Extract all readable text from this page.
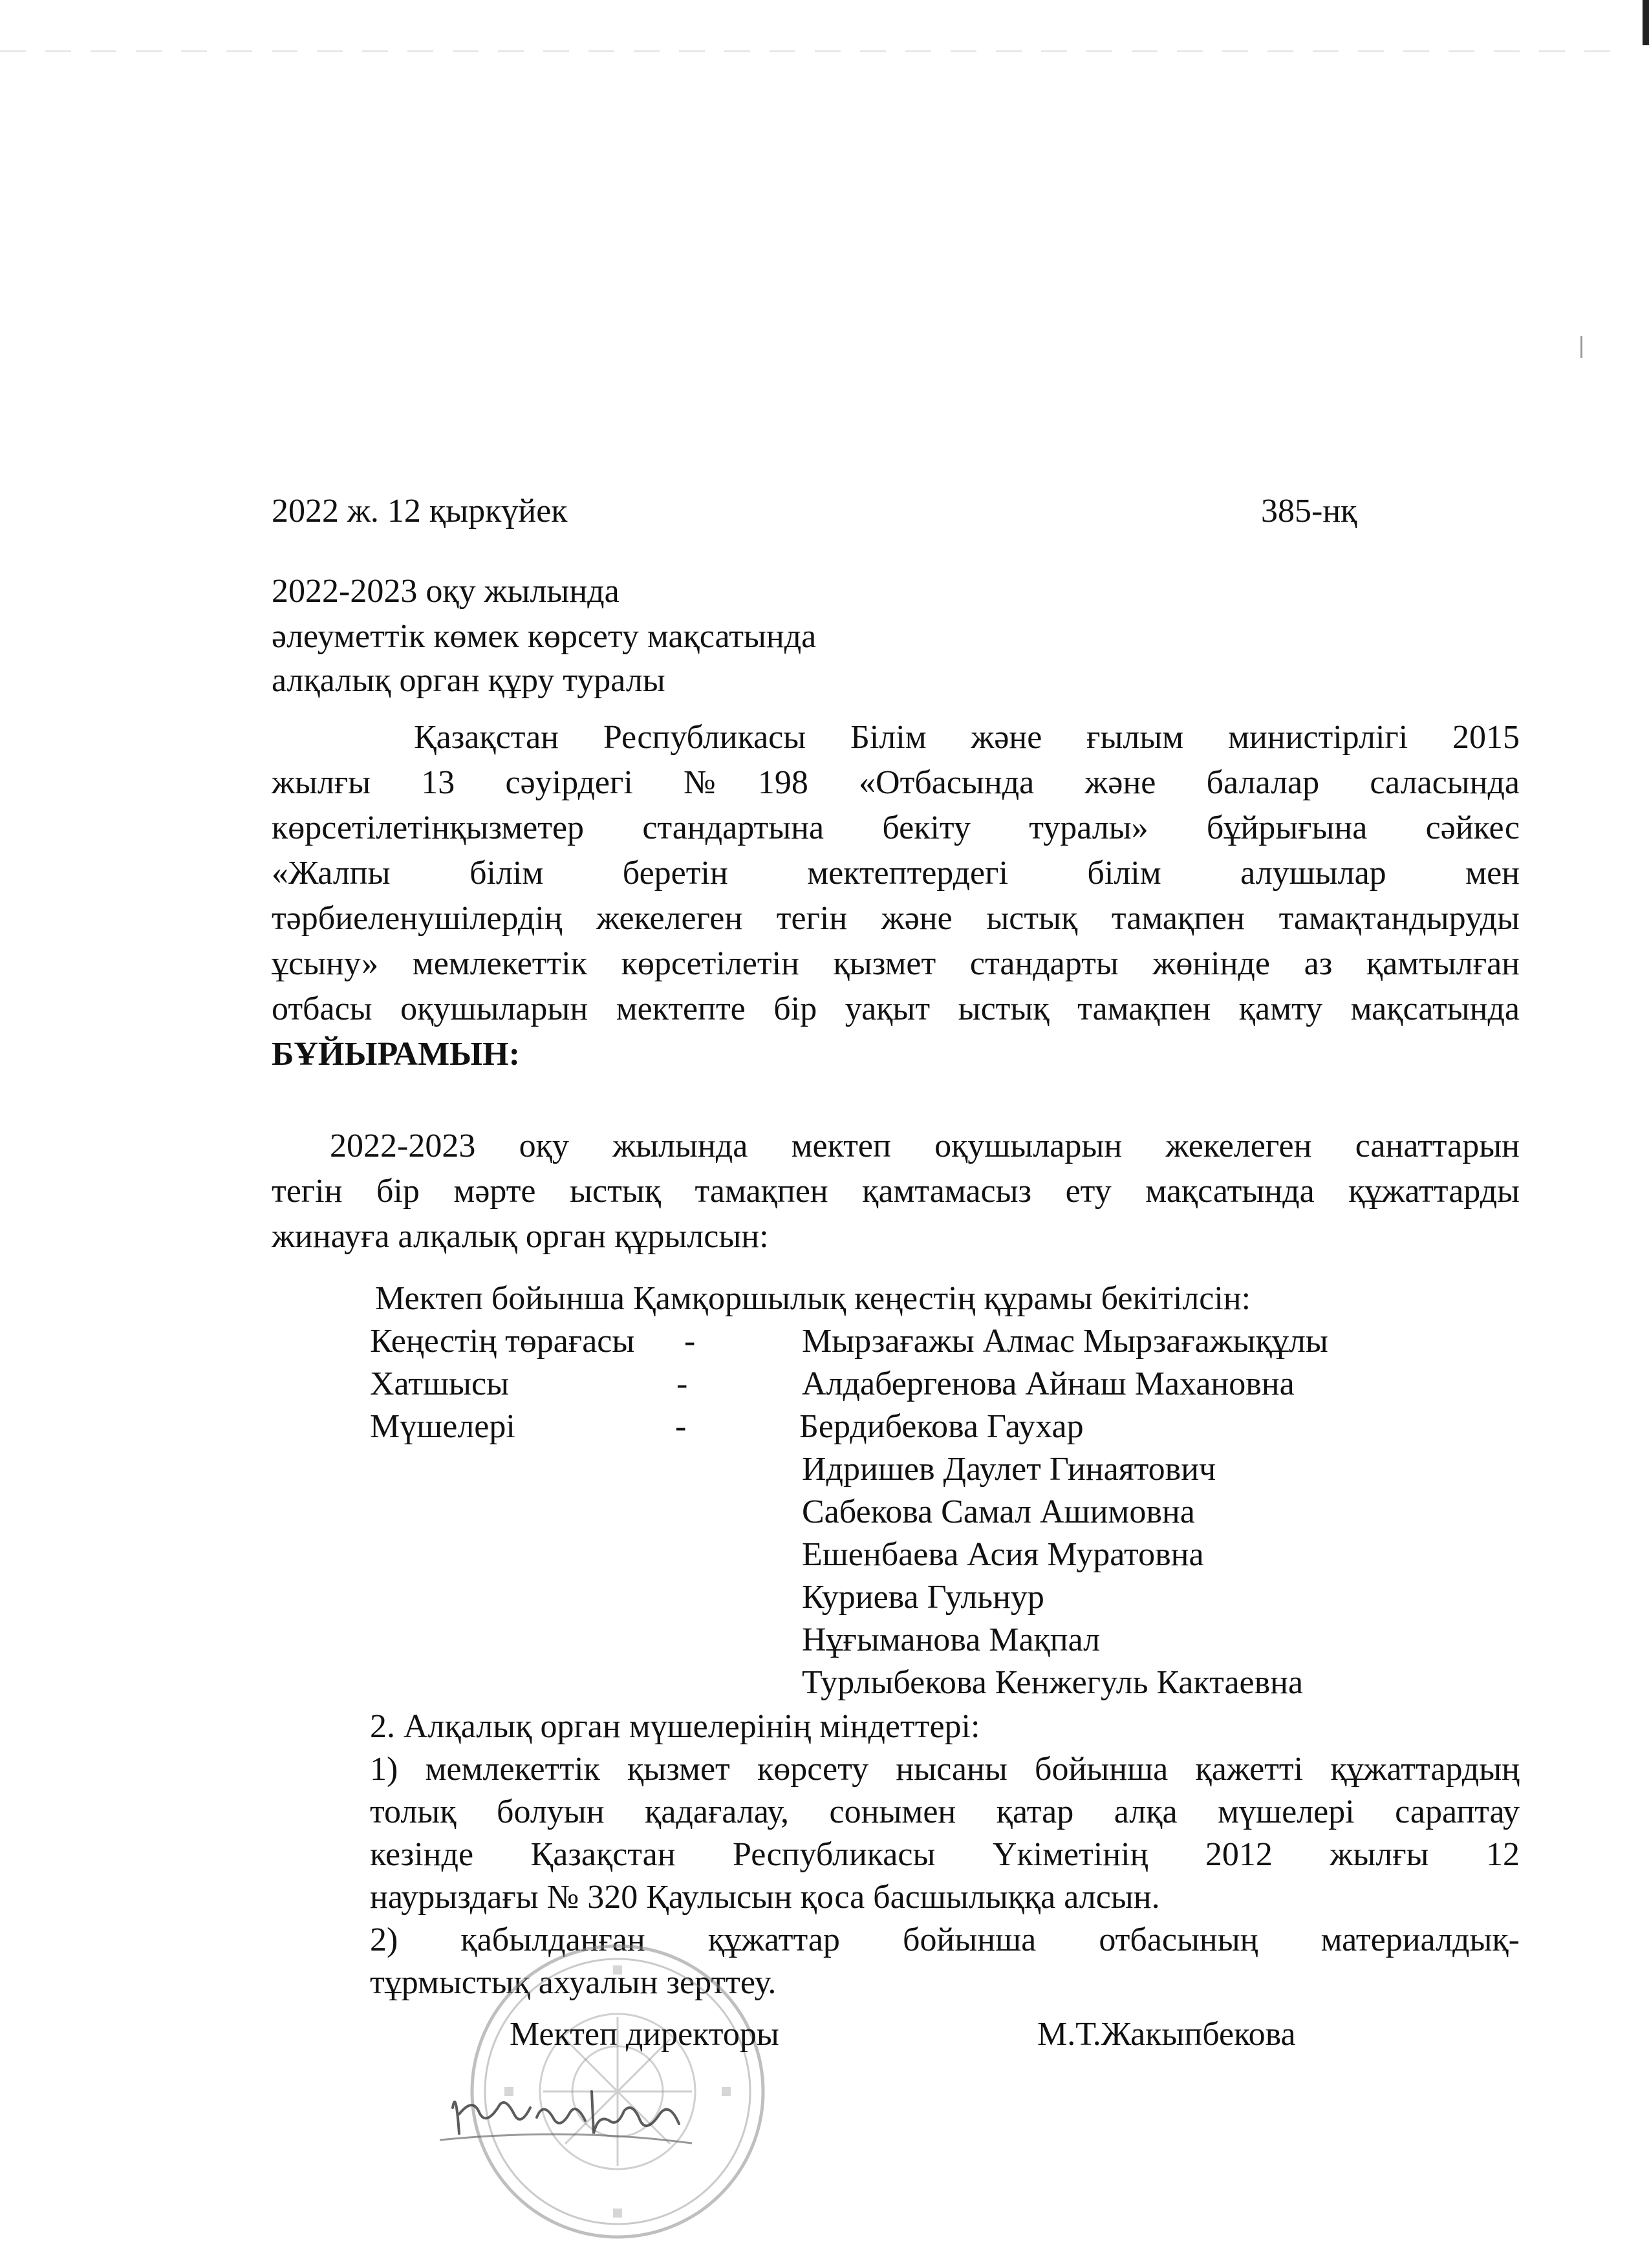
2022 ж. 12 қыркүйек	385-нқ
2022-2023 оқу жылында
әлеуметтік көмек көрсету мақсатында
алқалық орган құру туралы
Қазақстан Республикасы Білім және ғылым министірлігі 2015
жылғы 13 сәуірдегі №198 «Отбасында және балалар саласында
көрсетілетінқызметер стандартына бекіту туралы» бұйрығына сәйкес
«Жалпы білім беретін мектептердегі білім алушылар мен
тәрбиеленушілердің жекелеген тегін және ыстық тамақпен тамақтандыруды
ұсыну» мемлекеттік көрсетілетін қызмет стандарты жөнінде аз қамтылған
отбасы оқушыларын мектепте бір уақыт ыстық тамақпен қамту мақсатында
БҰЙЫРАМЫН:
2022-2023 оқу жылында мектеп оқушыларын жекелеген санаттарын
тегін бір мәрте ыстық тамақпен қамтамасыз ету мақсатында құжаттарды
жинауға алқалық орган құрылсын:
Мектеп бойынша Қамқоршылық кеңестің құрамы бекітілсін:
Кеңестің төрағасы -	Мырзағажы Алмас Мырзағажықұлы
Хатшысы	-	Алдабергенова Айнаш Махановна
Мүшелері	-	Бердибекова Гаухар
Идришев Даулет Гинаятович
Сабекова Самал Ашимовна
Ешенбаева Асия Муратовна
Куриева Гульнур
Нұғыманова Мақпал
Турлыбекова Кенжегуль Кактаевна
2. Алқалық орган мүшелерінің міндеттері:
1) мемлекеттік қызмет көрсету нысаны бойынша қажетті құжаттардың
толық болуын қадағалау, сонымен қатар алқа мүшелері сараптау
кезінде Қазақстан Республикасы Үкіметінің 2012 жылғы 12
наурыздағы № 320 Қаулысын қоса басшылыққа алсын.
2) қабылданған құжаттар бойынша отбасының материалдық-
тұрмыстық ахуалын зерттеу.
Мектеп директоры	М.Т.Жакыпбекова
